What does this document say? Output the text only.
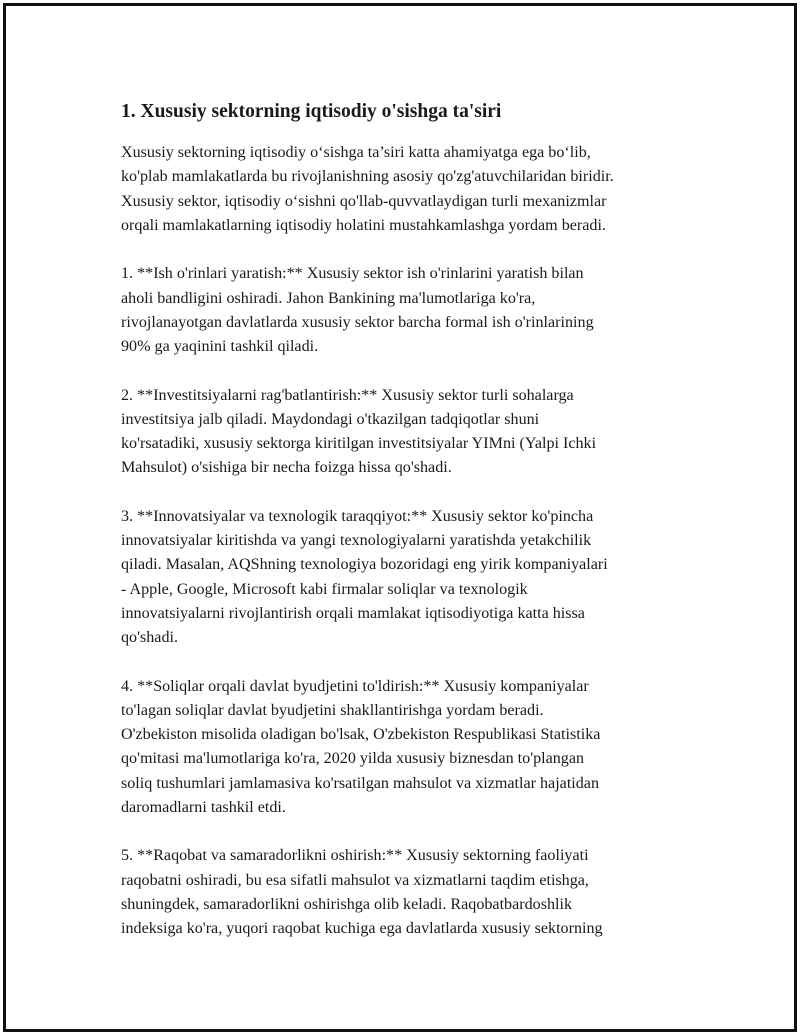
1. Xususiy sektorning iqtisodiy o'sishga ta'siri

Xususiy sektorning iqtisodiy o‘sishga ta’siri katta ahamiyatga ega bo‘lib,
ko'plab mamlakatlarda bu rivojlanishning asosiy qo'zg'atuvchilaridan biridir.
Xususiy sektor, iqtisodiy o‘sishni qo'llab-quvvatlaydigan turli mexanizmlar
orqali mamlakatlarning iqtisodiy holatini mustahkamlashga yordam beradi.

1. **Ish o'rinlari yaratish:** Xususiy sektor ish o'rinlarini yaratish bilan
aholi bandligini oshiradi. Jahon Bankining ma'lumotlariga ko'ra,
rivojlanayotgan davlatlarda xususiy sektor barcha formal ish o'rinlarining
90% ga yaqinini tashkil qiladi.

2. **Investitsiyalarni rag'batlantirish:** Xususiy sektor turli sohalarga
investitsiya jalb qiladi. Maydondagi o'tkazilgan tadqiqotlar shuni
ko'rsatadiki, xususiy sektorga kiritilgan investitsiyalar YIMni (Yalpi Ichki
Mahsulot) o'sishiga bir necha foizga hissa qo'shadi.

3. **Innovatsiyalar va texnologik taraqqiyot:** Xususiy sektor ko'pincha
innovatsiyalar kiritishda va yangi texnologiyalarni yaratishda yetakchilik
qiladi. Masalan, AQShning texnologiya bozoridagi eng yirik kompaniyalari
- Apple, Google, Microsoft kabi firmalar soliqlar va texnologik
innovatsiyalarni rivojlantirish orqali mamlakat iqtisodiyotiga katta hissa
qo'shadi.

4. **Soliqlar orqali davlat byudjetini to'ldirish:** Xususiy kompaniyalar
to'lagan soliqlar davlat byudjetini shakllantirishga yordam beradi.
O'zbekiston misolida oladigan bo'lsak, O'zbekiston Respublikasi Statistika
qo'mitasi ma'lumotlariga ko'ra, 2020 yilda xususiy biznesdan to'plangan
soliq tushumlari jamlamasiva ko'rsatilgan mahsulot va xizmatlar hajatidan
daromadlarni tashkil etdi.

5. **Raqobat va samaradorlikni oshirish:** Xususiy sektorning faoliyati
raqobatni oshiradi, bu esa sifatli mahsulot va xizmatlarni taqdim etishga,
shuningdek, samaradorlikni oshirishga olib keladi. Raqobatbardoshlik
indeksiga ko'ra, yuqori raqobat kuchiga ega davlatlarda xususiy sektorning
